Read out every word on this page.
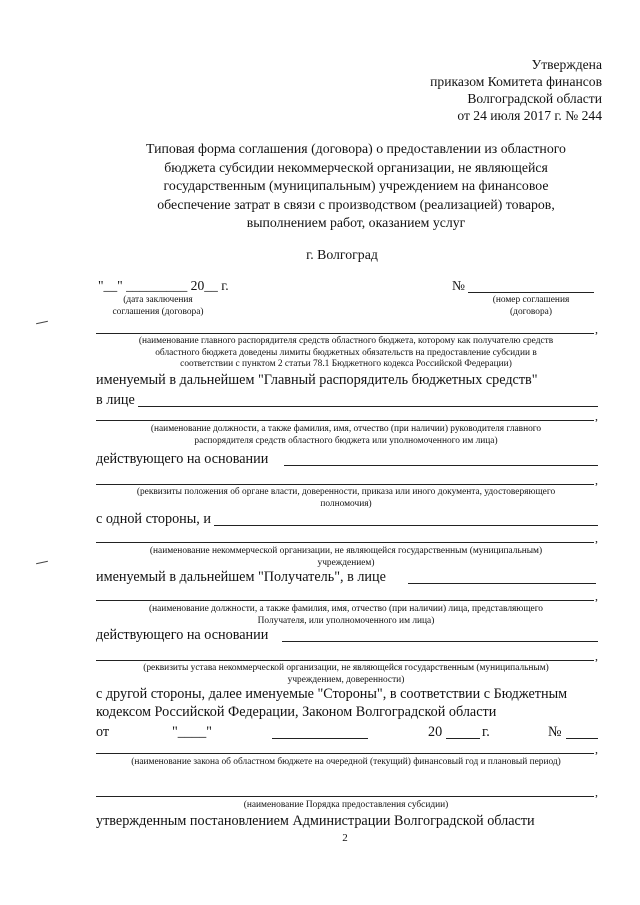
Утверждена
приказом Комитета финансов
Волгоградской области
от 24 июля 2017 г. № 244
Типовая форма соглашения (договора) о предоставлении из областного
бюджета субсидии некоммерческой организации, не являющейся
государственным (муниципальным) учреждением на финансовое
обеспечение затрат в связи с производством (реализацией) товаров,
выполнением работ, оказанием услуг
г. Волгоград
"__" _________ 20__ г.	№
(дата заключения
соглашения (договора)
(номер соглашения
(договора)
,
(наименование главного распорядителя средств областного бюджета, которому как получателю средств
областного бюджета доведены лимиты бюджетных обязательств на предоставление субсидии в
соответствии с пунктом 2 статьи 78.1 Бюджетного кодекса Российской Федерации)
именуемый в дальнейшем "Главный распорядитель бюджетных средств"
в лице
,
(наименование должности, а также фамилия, имя, отчество (при наличии) руководителя главного
распорядителя средств областного бюджета или уполномоченного им лица)
действующего на основании
,
(реквизиты положения об органе власти, доверенности, приказа или иного документа, удостоверяющего
полномочия)
с одной стороны, и
,
(наименование некоммерческой организации, не являющейся государственным (муниципальным)
учреждением)
именуемый в дальнейшем "Получатель", в лице
,
(наименование должности, а также фамилия, имя, отчество (при наличии) лица, представляющего
Получателя, или уполномоченного им лица)
действующего на основании
,
(реквизиты устава некоммерческой организации, не являющейся государственным (муниципальным)
учреждением, доверенности)
с другой стороны, далее именуемые "Стороны", в соответствии с Бюджетным
кодексом Российской Федерации, Законом Волгоградской области
от	"____"	20	г.	№
,
(наименование закона об областном бюджете на очередной (текущий) финансовый год и плановый период)
,
(наименование Порядка предоставления субсидии)
утвержденным постановлением Администрации Волгоградской области
2
